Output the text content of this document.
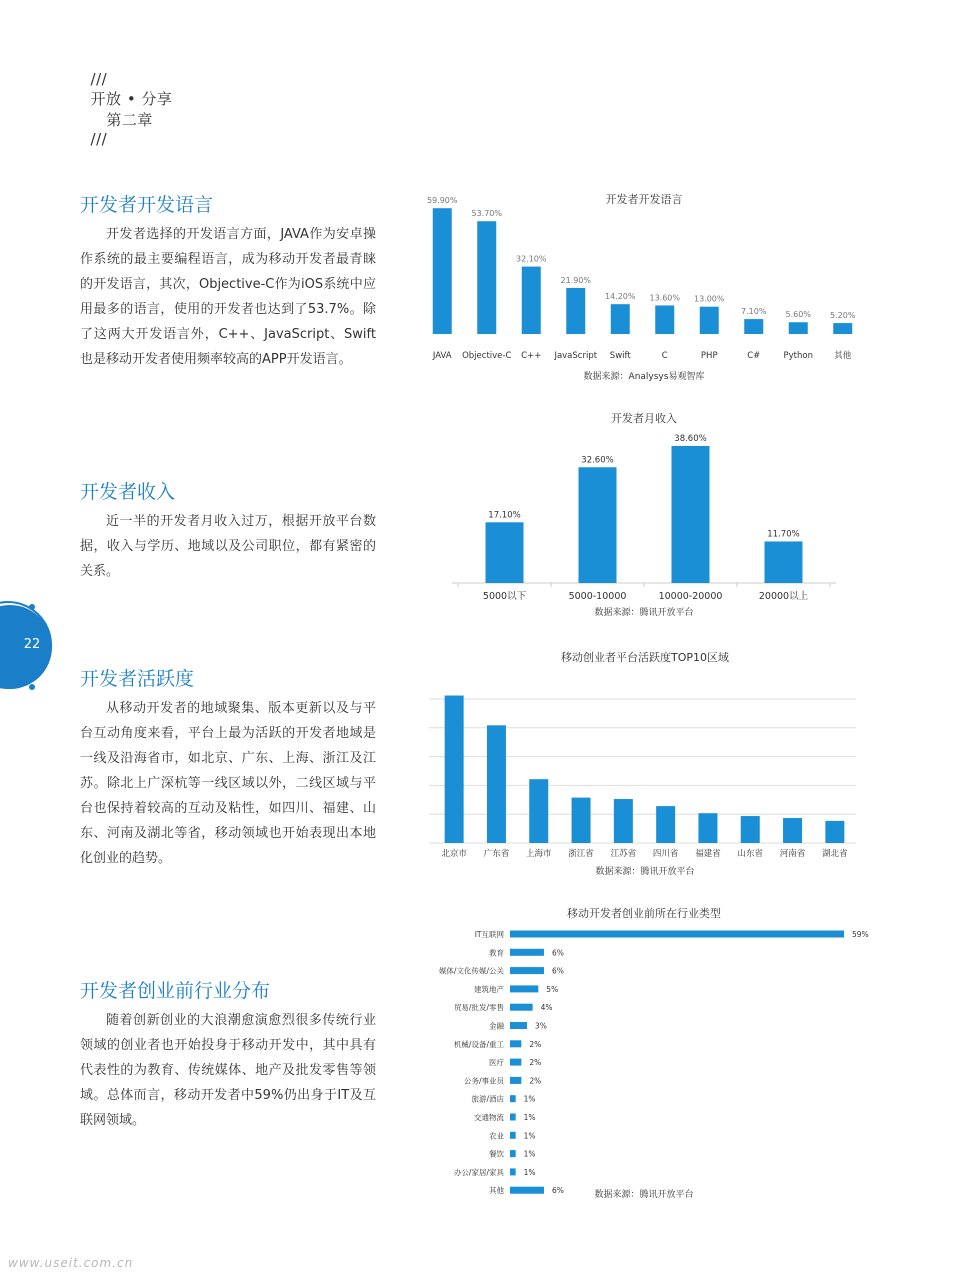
///
开放 • 分享
第二章
///

开发者开发语言

开发者选择的开发语言方面，JAVA作为安卓操作系统的最主要编程语言，成为移动开发者最青睐的开发语言，其次，Objective-C作为iOS系统中应用最多的语言，使用的开发者也达到了53.7%。除了这两大开发语言外，C++、JavaScript、Swift也是移动开发者使用频率较高的APP开发语言。

开发者收入

近一半的开发者月收入过万，根据开放平台数据，收入与学历、地域以及公司职位，都有紧密的关系。

开发者活跃度

从移动开发者的地域聚集、版本更新以及与平台互动角度来看，平台上最为活跃的开发者地域是一线及沿海省市，如北京、广东、上海、浙江及江苏。除北上广深杭等一线区域以外，二线区域与平台也保持着较高的互动及粘性，如四川、福建、山东、河南及湖北等省，移动领域也开始表现出本地化创业的趋势。

开发者创业前行业分布

随着创新创业的大浪潮愈演愈烈很多传统行业领域的创业者也开始投身于移动开发中，其中具有代表性的为教育、传统媒体、地产及批发零售等领域。总体而言，移动开发者中59%仍出身于IT及互联网领域。

22
开发者开发语言
59.90%
JAVA
53.70%
Objective-C
32.10%
C++
21.90%
JavaScript
14.20%
Swift
13.60%
C
13.00%
PHP
7.10%
C#
5.60%
Python
5.20%
其他
数据来源：Analysys易观智库
开发者月收入
17.10%
5000以下
32.60%
5000-10000
38.60%
10000-20000
11.70%
20000以上
数据来源：腾讯开放平台
移动创业者平台活跃度TOP10区域
北京市 广东省 上海市 浙江省 江苏省 四川省 福建省 山东省 河南省 湖北省
数据来源：腾讯开放平台
移动开发者创业前所在行业类型
IT互联网	59%
教育	6%
媒体/文化传媒/公关	6%
建筑地产	5%
贸易/批发/零售	4%
金融	3%
机械/设备/重工	2%
医疗	2%
公务/事业员	2%
旅游/酒店	1%
交通物流	1%
农业	1%
餐饮	1%
办公/家居/家具	1%
其他	6%	数据来源：腾讯开放平台
www.useit.com.cn
